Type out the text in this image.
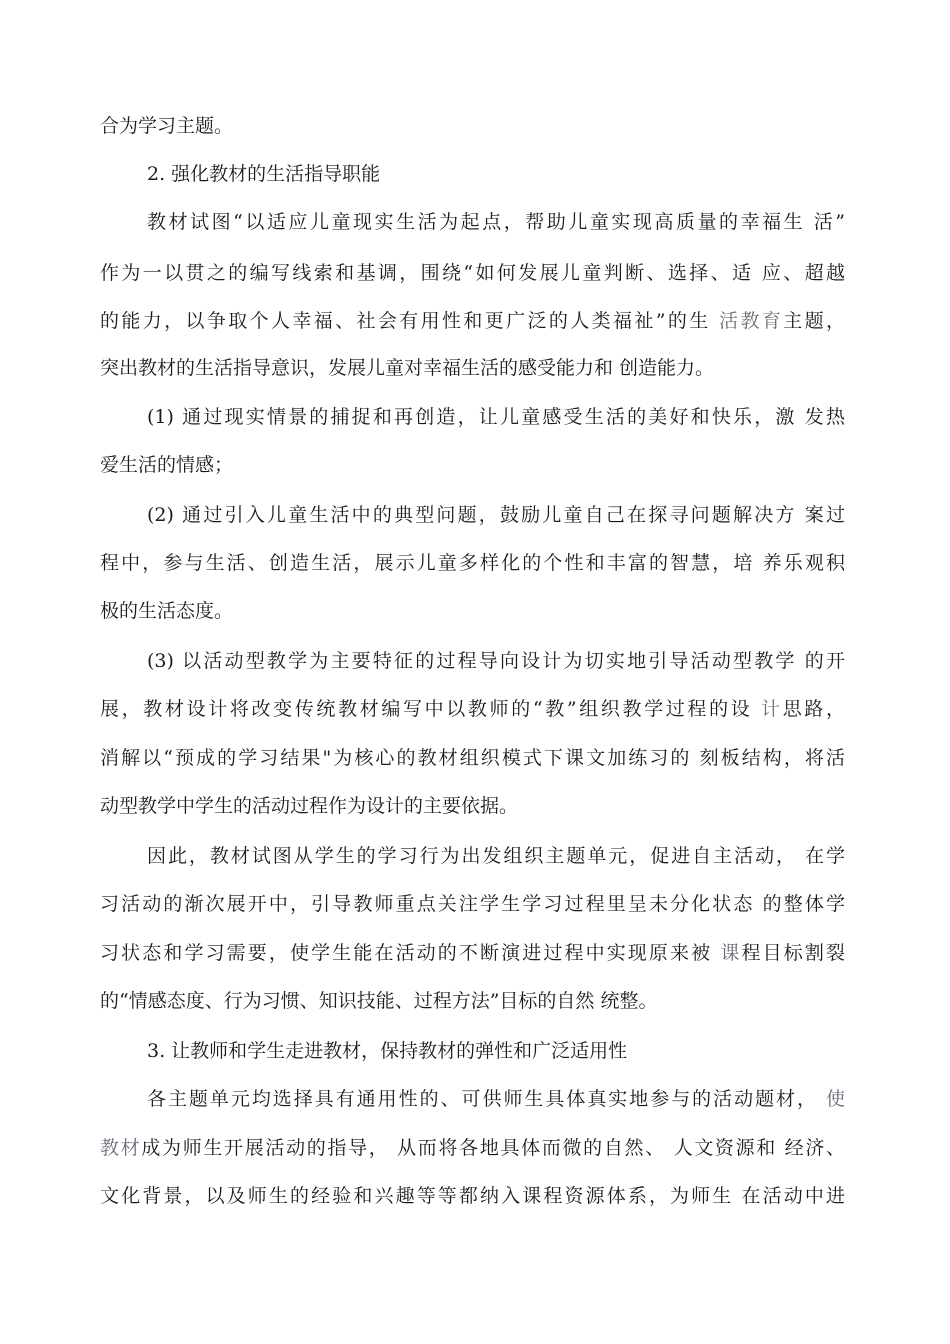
合为学习主题。
2. 强化教材的生活指导职能
教材试图“以适应儿童现实生活为起点，帮助儿童实现高质量的幸福生 活”
作为一以贯之的编写线索和基调，围绕“如何发展儿童判断、选择、适 应、超越
的能力，以争取个人幸福、社会有用性和更广泛的人类福祉”的生 活教育主题，
突出教材的生活指导意识，发展儿童对幸福生活的感受能力和 创造能力。
(1) 通过现实情景的捕捉和再创造，让儿童感受生活的美好和快乐，激 发热
爱生活的情感；
(2) 通过引入儿童生活中的典型问题，鼓励儿童自己在探寻问题解决方 案过
程中，参与生活、创造生活，展示儿童多样化的个性和丰富的智慧，培 养乐观积
极的生活态度。
(3) 以活动型教学为主要特征的过程导向设计为切实地引导活动型教学 的开
展，教材设计将改变传统教材编写中以教师的“教”组织教学过程的设 计思路，
消解以“预成的学习结果"为核心的教材组织模式下课文加练习的 刻板结构，将活
动型教学中学生的活动过程作为设计的主要依据。
因此，教材试图从学生的学习行为出发组织主题单元，促进自主活动， 在学
习活动的渐次展开中，引导教师重点关注学生学习过程里呈未分化状态 的整体学
习状态和学习需要，使学生能在活动的不断演进过程中实现原来被 课程目标割裂
的“情感态度、行为习惯、知识技能、过程方法”目标的自然 统整。
3. 让教师和学生走进教材，保持教材的弹性和广泛适用性
各主题单元均选择具有通用性的、可供师生具体真实地参与的活动题材， 使
教材成为师生开展活动的指导， 从而将各地具体而微的自然、 人文资源和 经济、
文化背景，以及师生的经验和兴趣等等都纳入课程资源体系，为师生 在活动中进
